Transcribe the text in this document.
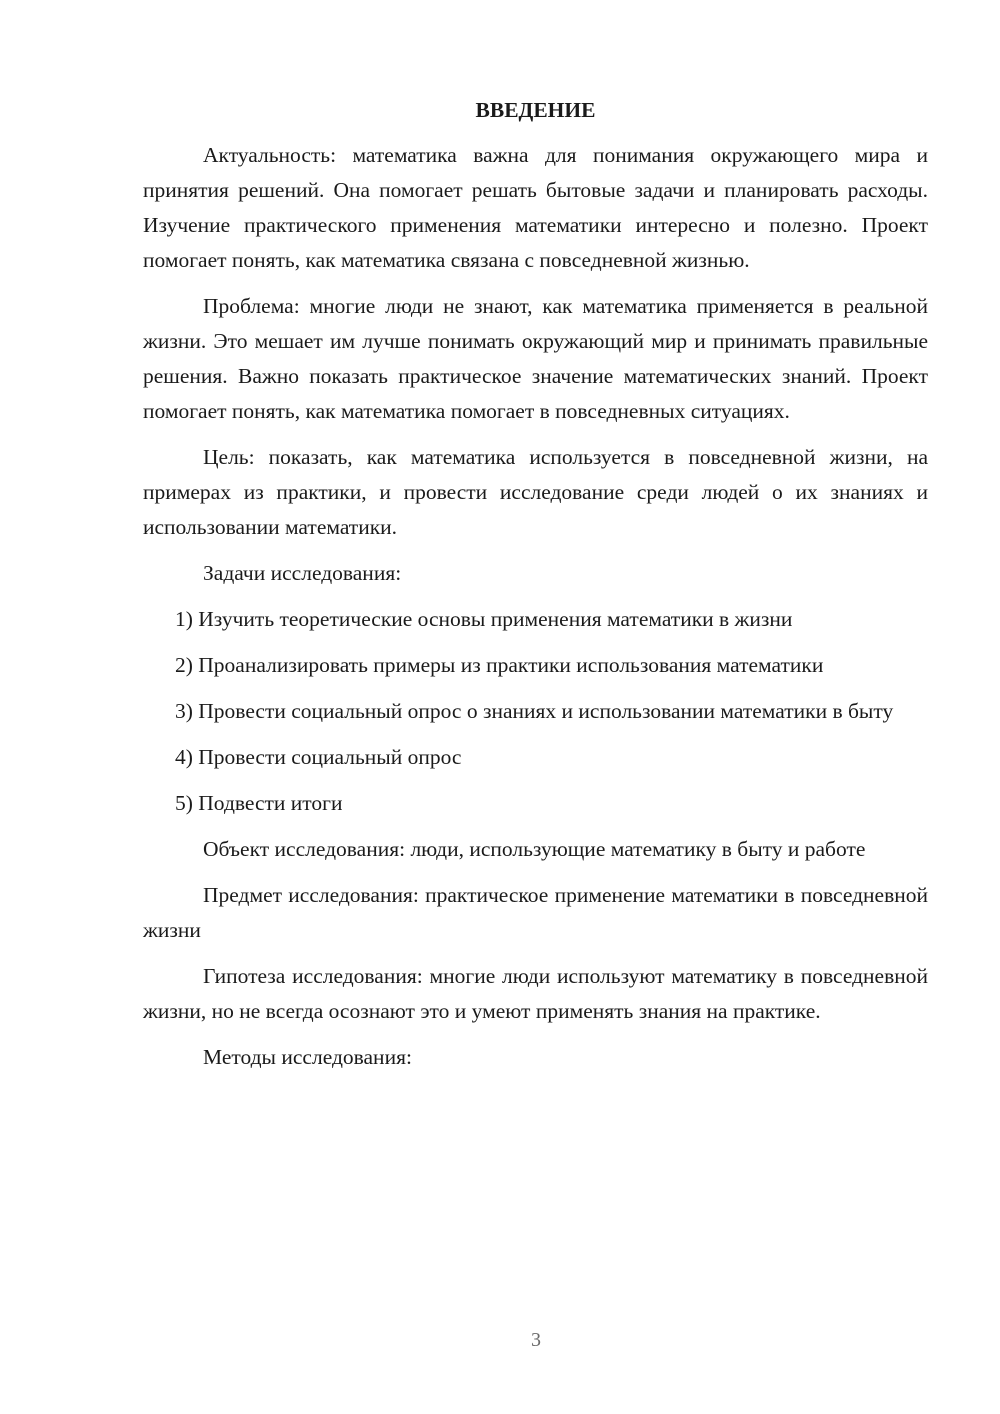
ВВЕДЕНИЕ

Актуальность: математика важна для понимания окружающего мира и принятия решений. Она помогает решать бытовые задачи и планировать расходы. Изучение практического применения математики интересно и полезно. Проект помогает понять, как математика связана с повседневной жизнью.

Проблема: многие люди не знают, как математика применяется в реальной жизни. Это мешает им лучше понимать окружающий мир и принимать правильные решения. Важно показать практическое значение математических знаний. Проект помогает понять, как математика помогает в повседневных ситуациях.

Цель: показать, как математика используется в повседневной жизни, на примерах из практики, и провести исследование среди людей о их знаниях и использовании математики.

Задачи исследования:

1) Изучить теоретические основы применения математики в жизни

2) Проанализировать примеры из практики использования математики

3) Провести социальный опрос о знаниях и использовании математики в быту

4) Провести социальный опрос

5) Подвести итоги

Объект исследования: люди, использующие математику в быту и работе

Предмет исследования: практическое применение математики в повседневной жизни

Гипотеза исследования: многие люди используют математику в повседневной жизни, но не всегда осознают это и умеют применять знания на практике.

Методы исследования:

3
